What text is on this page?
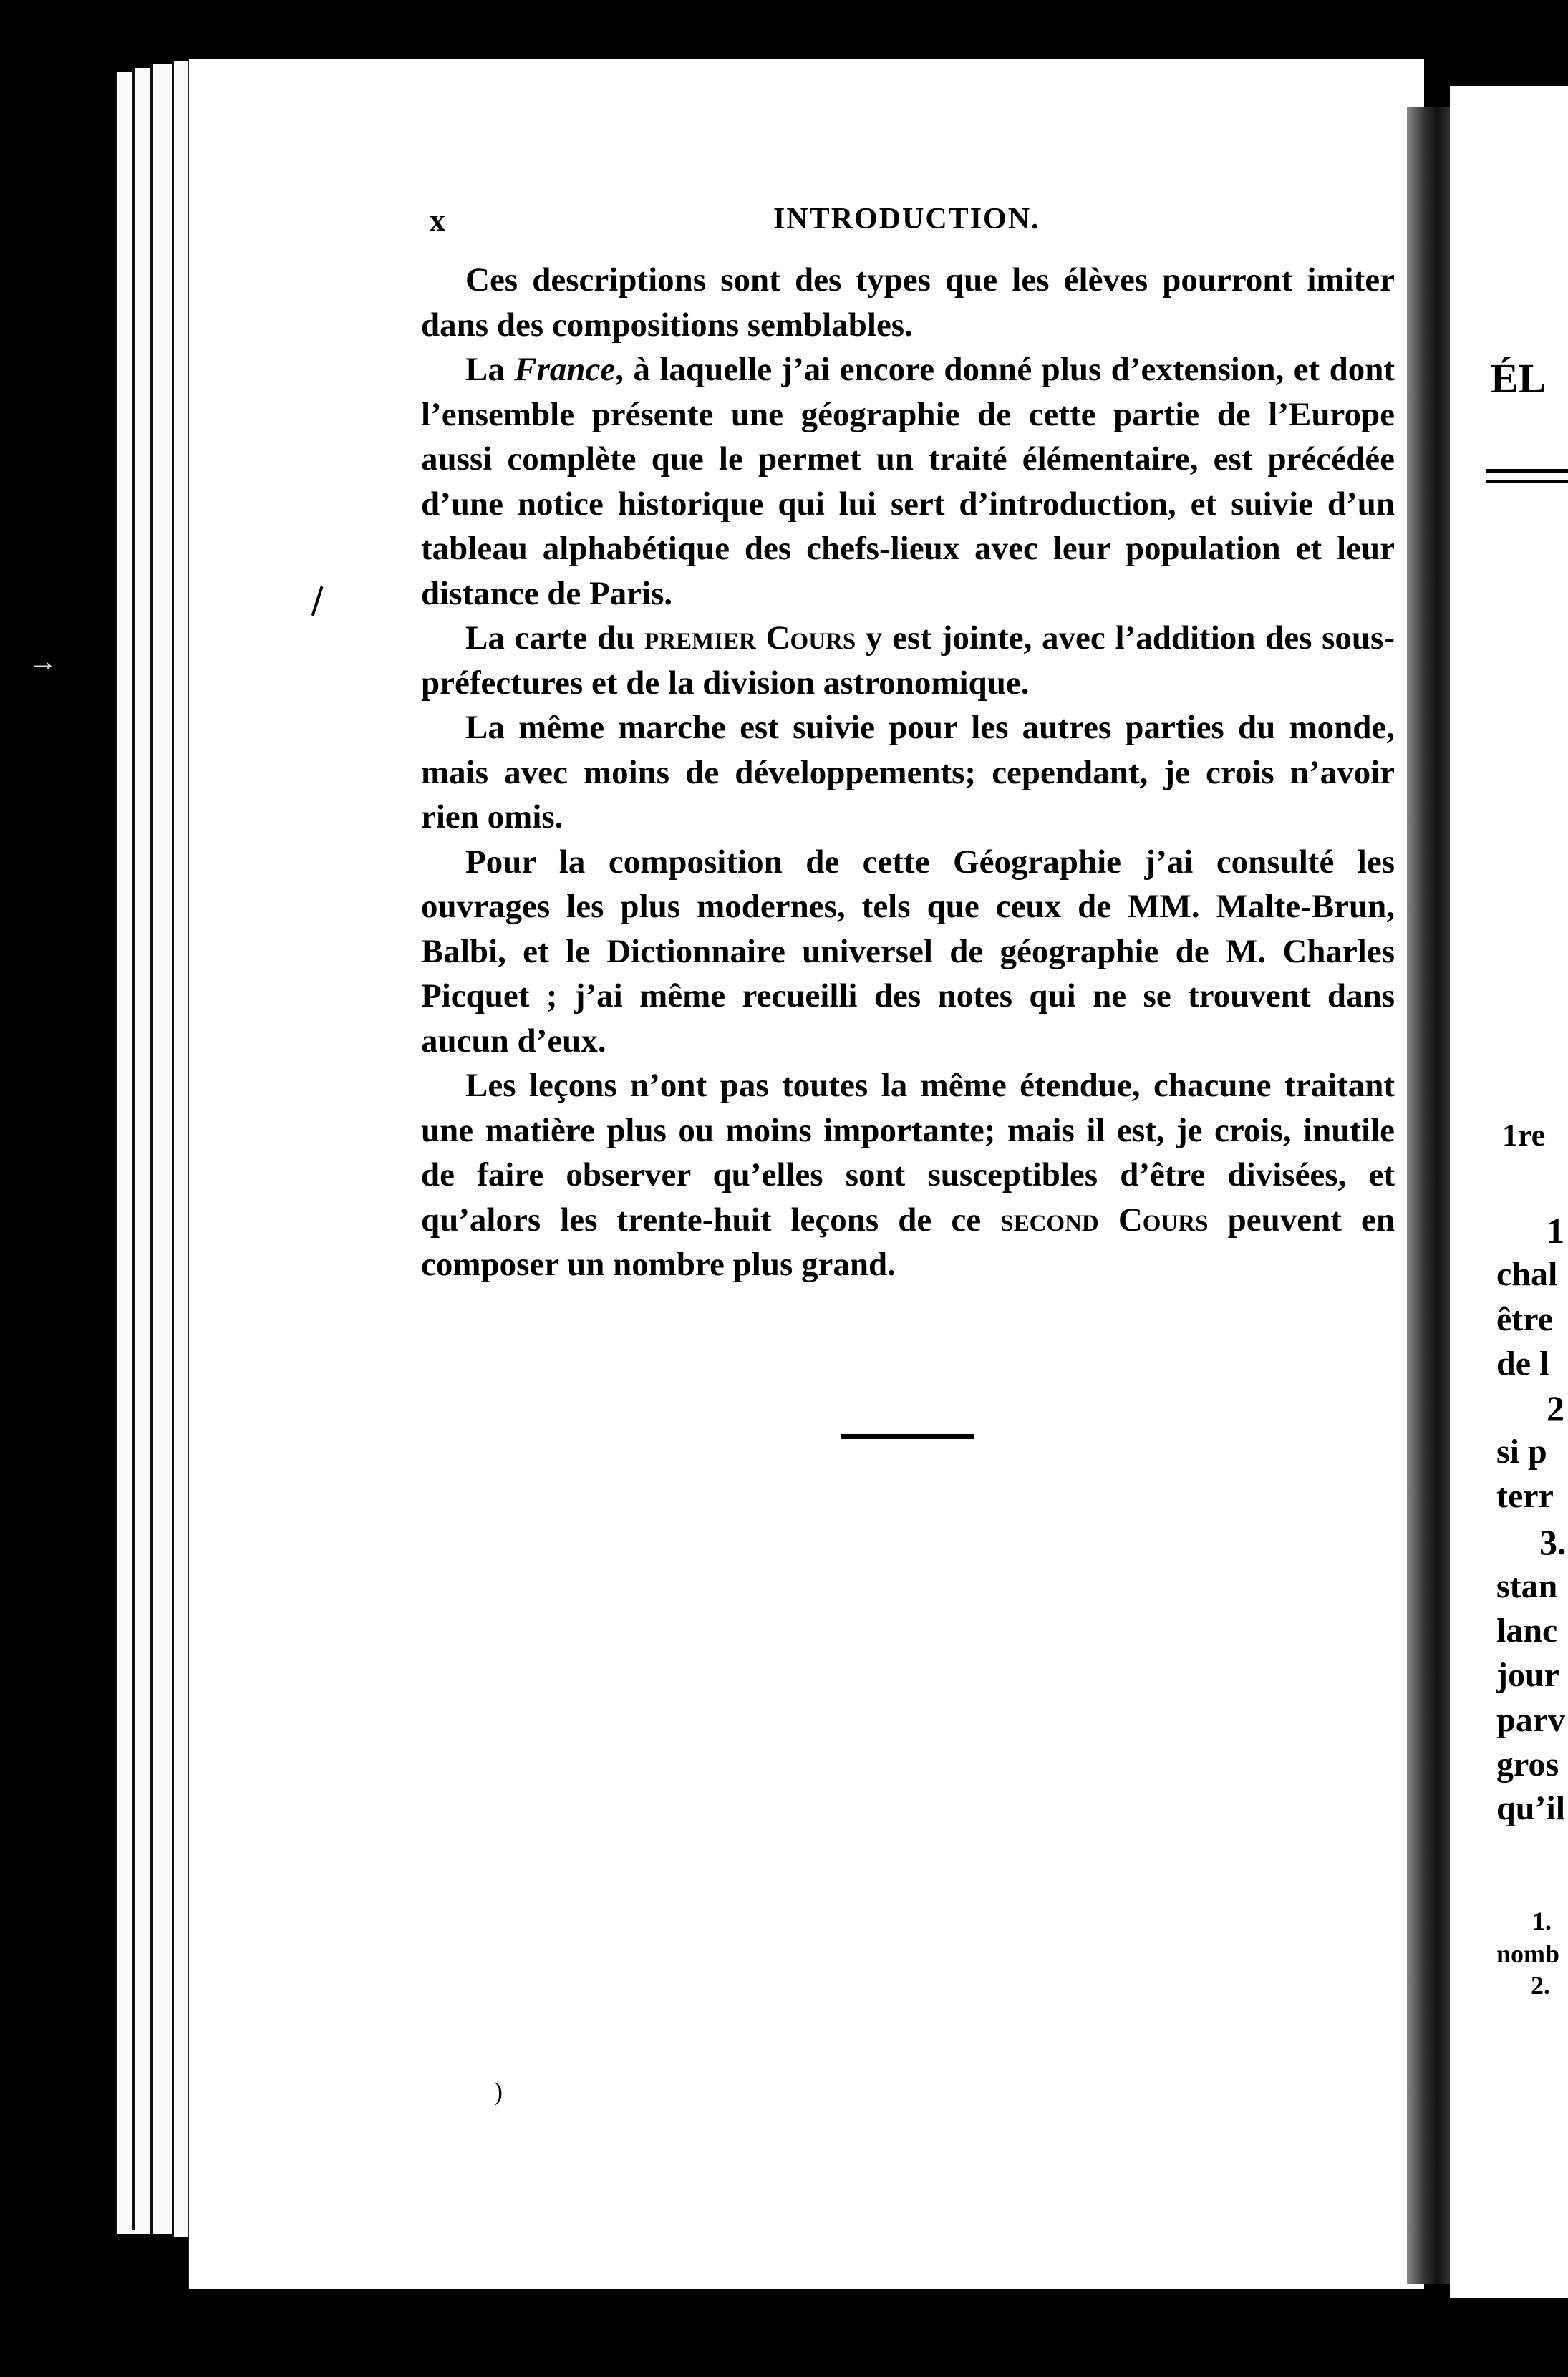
x	INTRODUCTION.

Ces descriptions sont des types que les élèves pourront imiter dans des compositions semblables.

La France, à laquelle j’ai encore donné plus d’extension, et dont l’ensemble présente une géographie de cette partie de l’Europe aussi complète que le permet un traité élémentaire, est précédée d’une notice historique qui lui sert d’introduction, et suivie d’un tableau alphabétique des chefs-lieux avec leur population et leur distance de Paris.

La carte du premier Cours y est jointe, avec l’addition des sous-préfectures et de la division astronomique.

La même marche est suivie pour les autres parties du monde, mais avec moins de développements; cependant, je crois n’avoir rien omis.

Pour la composition de cette Géographie j’ai consulté les ouvrages les plus modernes, tels que ceux de MM. Malte-Brun, Balbi, et le Dictionnaire universel de géographie de M. Charles Picquet ; j’ai même recueilli des notes qui ne se trouvent dans aucun d’eux.

Les leçons n’ont pas toutes la même étendue, chacune traitant une matière plus ou moins importante; mais il est, je crois, inutile de faire observer qu’elles sont susceptibles d’être divisées, et qu’alors les trente-huit leçons de ce second Cours peuvent en composer un nombre plus grand.

∖
→
)
ÉL
1re
1
chal
être
de l
2
si p
terr
3.
stan
lanc
jour
parv
gros
qu’il
1.
nomb
2.
